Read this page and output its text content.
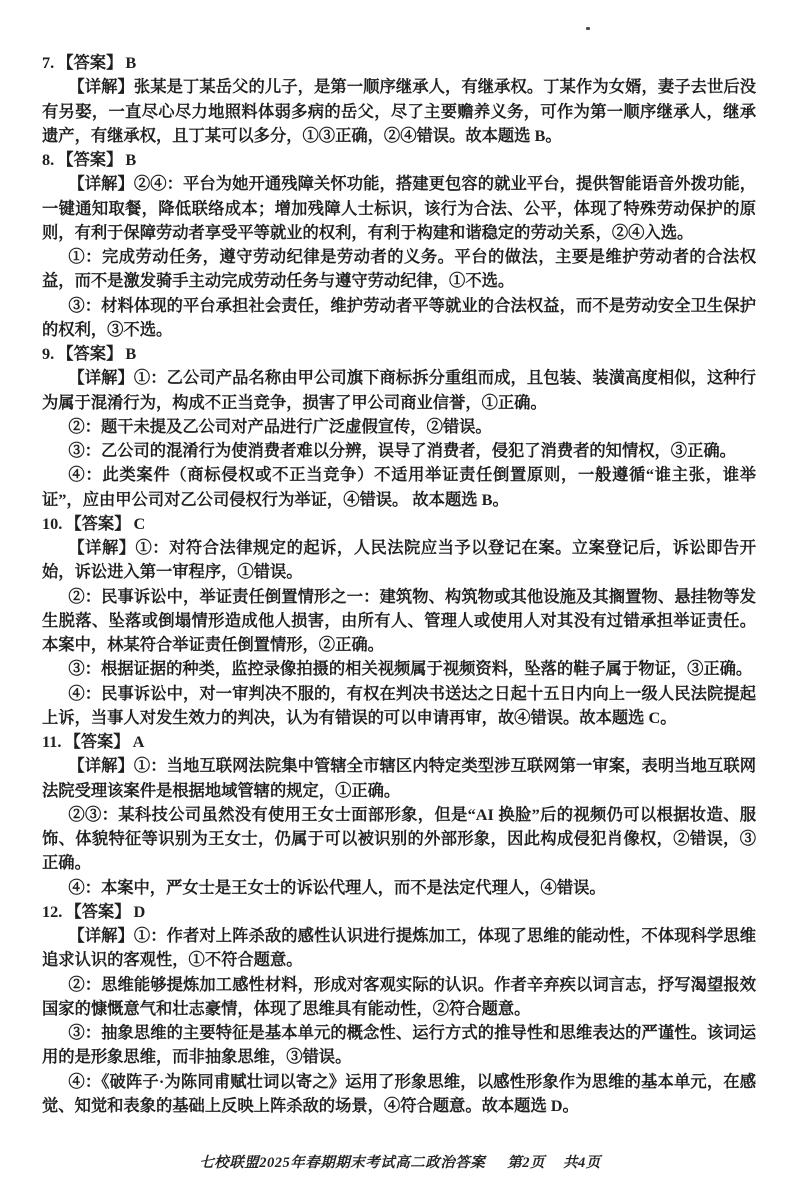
7. 【答案】 B

【详解】张某是丁某岳父的儿子，是第一顺序继承人，有继承权。丁某作为女婿，妻子去世后没有另娶，一直尽心尽力地照料体弱多病的岳父，尽了主要赡养义务，可作为第一顺序继承人，继承遗产，有继承权，且丁某可以多分，①③正确，②④错误。故本题选 B。

8. 【答案】 B

【详解】②④：平台为她开通残障关怀功能，搭建更包容的就业平台，提供智能语音外拨功能，一键通知取餐，降低联络成本；增加残障人士标识，该行为合法、公平，体现了特殊劳动保护的原则，有利于保障劳动者享受平等就业的权利，有利于构建和谐稳定的劳动关系，②④入选。

①：完成劳动任务，遵守劳动纪律是劳动者的义务。平台的做法，主要是维护劳动者的合法权益，而不是激发骑手主动完成劳动任务与遵守劳动纪律，①不选。

③：材料体现的平台承担社会责任，维护劳动者平等就业的合法权益，而不是劳动安全卫生保护的权利，③不选。

9. 【答案】 B

【详解】①：乙公司产品名称由甲公司旗下商标拆分重组而成，且包装、装潢高度相似，这种行为属于混淆行为，构成不正当竞争，损害了甲公司商业信誉，①正确。

②：题干未提及乙公司对产品进行广泛虚假宣传，②错误。

③：乙公司的混淆行为使消费者难以分辨，误导了消费者，侵犯了消费者的知情权，③正确。

④：此类案件（商标侵权或不正当竞争）不适用举证责任倒置原则，一般遵循“谁主张，谁举证”，应由甲公司对乙公司侵权行为举证，④错误。 故本题选 B。

10. 【答案】 C

【详解】①：对符合法律规定的起诉，人民法院应当予以登记在案。立案登记后，诉讼即告开始，诉讼进入第一审程序，①错误。

②：民事诉讼中，举证责任倒置情形之一：建筑物、构筑物或其他设施及其搁置物、悬挂物等发生脱落、坠落或倒塌情形造成他人损害，由所有人、管理人或使用人对其没有过错承担举证责任。本案中，林某符合举证责任倒置情形，②正确。

③：根据证据的种类，监控录像拍摄的相关视频属于视频资料，坠落的鞋子属于物证，③正确。

④：民事诉讼中，对一审判决不服的，有权在判决书送达之日起十五日内向上一级人民法院提起上诉，当事人对发生效力的判决，认为有错误的可以申请再审，故④错误。故本题选 C。

11. 【答案】 A

【详解】①：当地互联网法院集中管辖全市辖区内特定类型涉互联网第一审案，表明当地互联网法院受理该案件是根据地域管辖的规定，①正确。

②③：某科技公司虽然没有使用王女士面部形象，但是“AI 换脸”后的视频仍可以根据妆造、服饰、体貌特征等识别为王女士，仍属于可以被识别的外部形象，因此构成侵犯肖像权，②错误，③正确。

④：本案中，严女士是王女士的诉讼代理人，而不是法定代理人，④错误。

12. 【答案】 D

【详解】①：作者对上阵杀敌的感性认识进行提炼加工，体现了思维的能动性，不体现科学思维追求认识的客观性，①不符合题意。

②：思维能够提炼加工感性材料，形成对客观实际的认识。作者辛弃疾以词言志，抒写渴望报效国家的慷慨意气和壮志豪情，体现了思维具有能动性，②符合题意。

③：抽象思维的主要特征是基本单元的概念性、运行方式的推导性和思维表达的严谨性。该词运用的是形象思维，而非抽象思维，③错误。

④：《破阵子·为陈同甫赋壮词以寄之》运用了形象思维，以感性形象作为思维的基本单元，在感觉、知觉和表象的基础上反映上阵杀敌的场景，④符合题意。故本题选 D。

七校联盟2025年春期期末考试高二政治答案 第2页 共4页
